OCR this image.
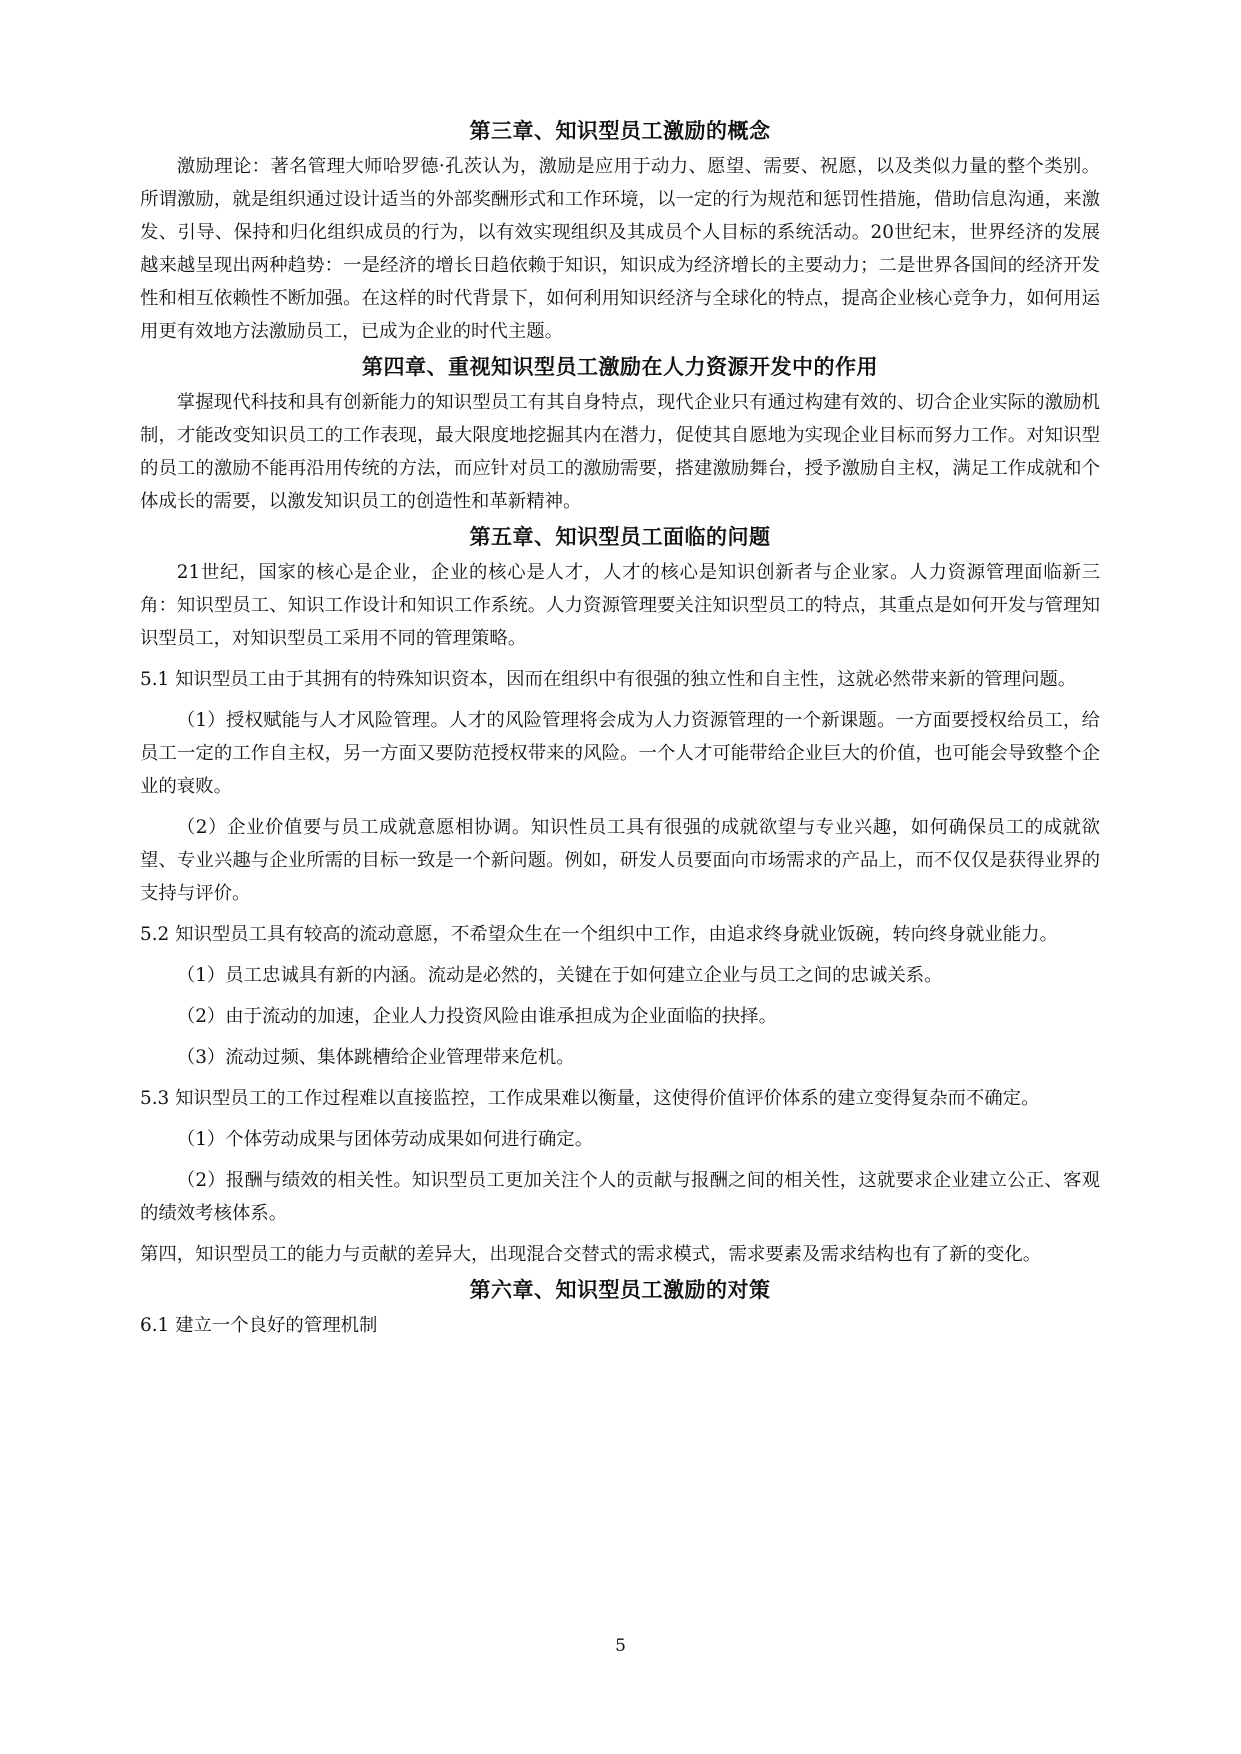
第三章、知识型员工激励的概念

激励理论：著名管理大师哈罗德·孔茨认为，激励是应用于动力、愿望、需要、祝愿，以及类似力量的整个类别。所谓激励，就是组织通过设计适当的外部奖酬形式和工作环境，以一定的行为规范和惩罚性措施，借助信息沟通，来激发、引导、保持和归化组织成员的行为，以有效实现组织及其成员个人目标的系统活动。20世纪末，世界经济的发展越来越呈现出两种趋势：一是经济的增长日趋依赖于知识，知识成为经济增长的主要动力；二是世界各国间的经济开发性和相互依赖性不断加强。在这样的时代背景下，如何利用知识经济与全球化的特点，提高企业核心竞争力，如何用运用更有效地方法激励员工，已成为企业的时代主题。

第四章、重视知识型员工激励在人力资源开发中的作用

掌握现代科技和具有创新能力的知识型员工有其自身特点，现代企业只有通过构建有效的、切合企业实际的激励机制，才能改变知识员工的工作表现，最大限度地挖掘其内在潜力，促使其自愿地为实现企业目标而努力工作。对知识型的员工的激励不能再沿用传统的方法，而应针对员工的激励需要，搭建激励舞台，授予激励自主权，满足工作成就和个体成长的需要，以激发知识员工的创造性和革新精神。

第五章、知识型员工面临的问题

21世纪，国家的核心是企业，企业的核心是人才，人才的核心是知识创新者与企业家。人力资源管理面临新三角：知识型员工、知识工作设计和知识工作系统。人力资源管理要关注知识型员工的特点，其重点是如何开发与管理知识型员工，对知识型员工采用不同的管理策略。

5.1 知识型员工由于其拥有的特殊知识资本，因而在组织中有很强的独立性和自主性，这就必然带来新的管理问题。

（1）授权赋能与人才风险管理。人才的风险管理将会成为人力资源管理的一个新课题。一方面要授权给员工，给员工一定的工作自主权，另一方面又要防范授权带来的风险。一个人才可能带给企业巨大的价值，也可能会导致整个企业的衰败。

（2）企业价值要与员工成就意愿相协调。知识性员工具有很强的成就欲望与专业兴趣，如何确保员工的成就欲望、专业兴趣与企业所需的目标一致是一个新问题。例如，研发人员要面向市场需求的产品上，而不仅仅是获得业界的支持与评价。

5.2 知识型员工具有较高的流动意愿，不希望众生在一个组织中工作，由追求终身就业饭碗，转向终身就业能力。

（1）员工忠诚具有新的内涵。流动是必然的，关键在于如何建立企业与员工之间的忠诚关系。

（2）由于流动的加速，企业人力投资风险由谁承担成为企业面临的抉择。

（3）流动过频、集体跳槽给企业管理带来危机。

5.3 知识型员工的工作过程难以直接监控，工作成果难以衡量，这使得价值评价体系的建立变得复杂而不确定。

（1）个体劳动成果与团体劳动成果如何进行确定。

（2）报酬与绩效的相关性。知识型员工更加关注个人的贡献与报酬之间的相关性，这就要求企业建立公正、客观的绩效考核体系。

第四，知识型员工的能力与贡献的差异大，出现混合交替式的需求模式，需求要素及需求结构也有了新的变化。

第六章、知识型员工激励的对策

6.1 建立一个良好的管理机制

5
